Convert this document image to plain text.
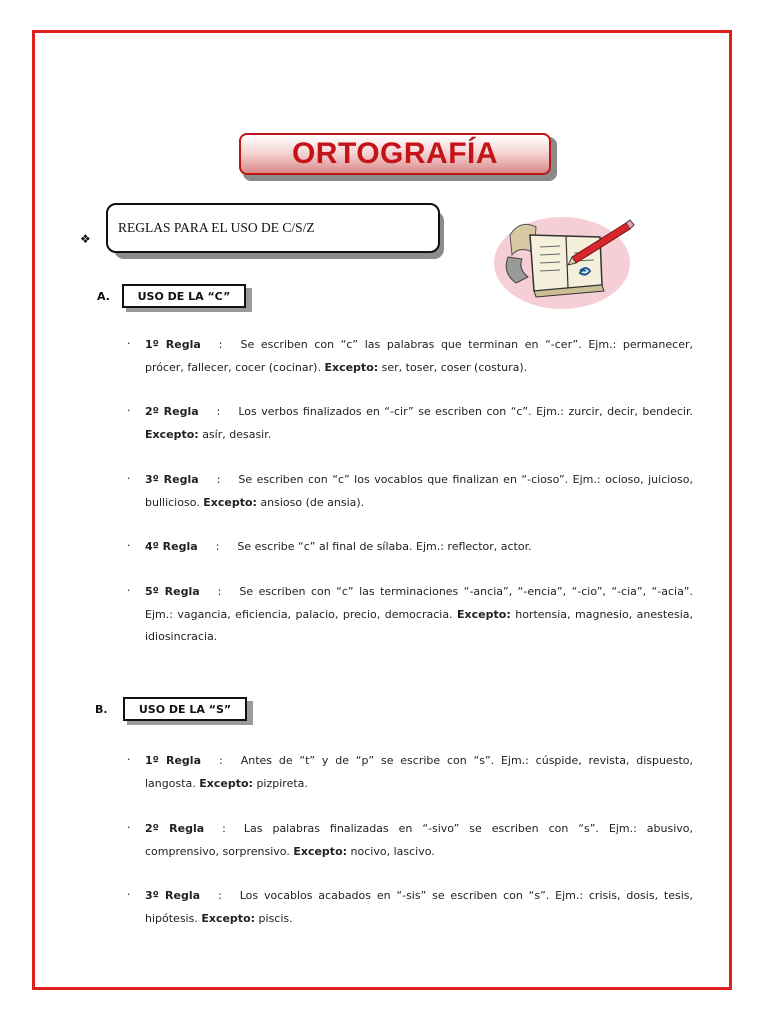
ORTOGRAFÍA
❖
REGLAS PARA EL USO DE C/S/Z
A.	USO DE LA “C”
. 1º Regla : Se escriben con “c” las palabras que terminan en “-cer”. Ejm.: permanecer, prócer, fallecer, cocer (cocinar). Excepto: ser, toser, coser (costura).

. 2º Regla : Los verbos finalizados en “-cir” se escriben con “c”. Ejm.: zurcir, decir, bendecir. Excepto: asír, desasir.

. 3º Regla : Se escriben con “c” los vocablos que finalizan en “-cioso”. Ejm.: ocioso, juicioso, bullicioso. Excepto: ansioso (de ansia).

. 4º Regla : Se escribe “c” al final de sílaba. Ejm.: reflector, actor.

. 5º Regla : Se escriben con “c” las terminaciones “-ancia”, “-encia”, “-cio”, “-cia”, “-acia”. Ejm.: vagancia, eficiencia, palacio, precio, democracia. Excepto: hortensia, magnesio, anestesia, idiosincracia.

B.	USO DE LA “S”
. 1º Regla : Antes de “t” y de “p” se escribe con “s”. Ejm.: cúspide, revista, dispuesto, langosta. Excepto: pizpireta.

. 2º Regla : Las palabras finalizadas en “-sivo” se escriben con “s”. Ejm.: abusivo, comprensivo, sorprensivo. Excepto: nocivo, lascivo.

. 3º Regla : Los vocablos acabados en “-sis” se escriben con “s”. Ejm.: crisis, dosis, tesis, hipótesis. Excepto: piscis.
